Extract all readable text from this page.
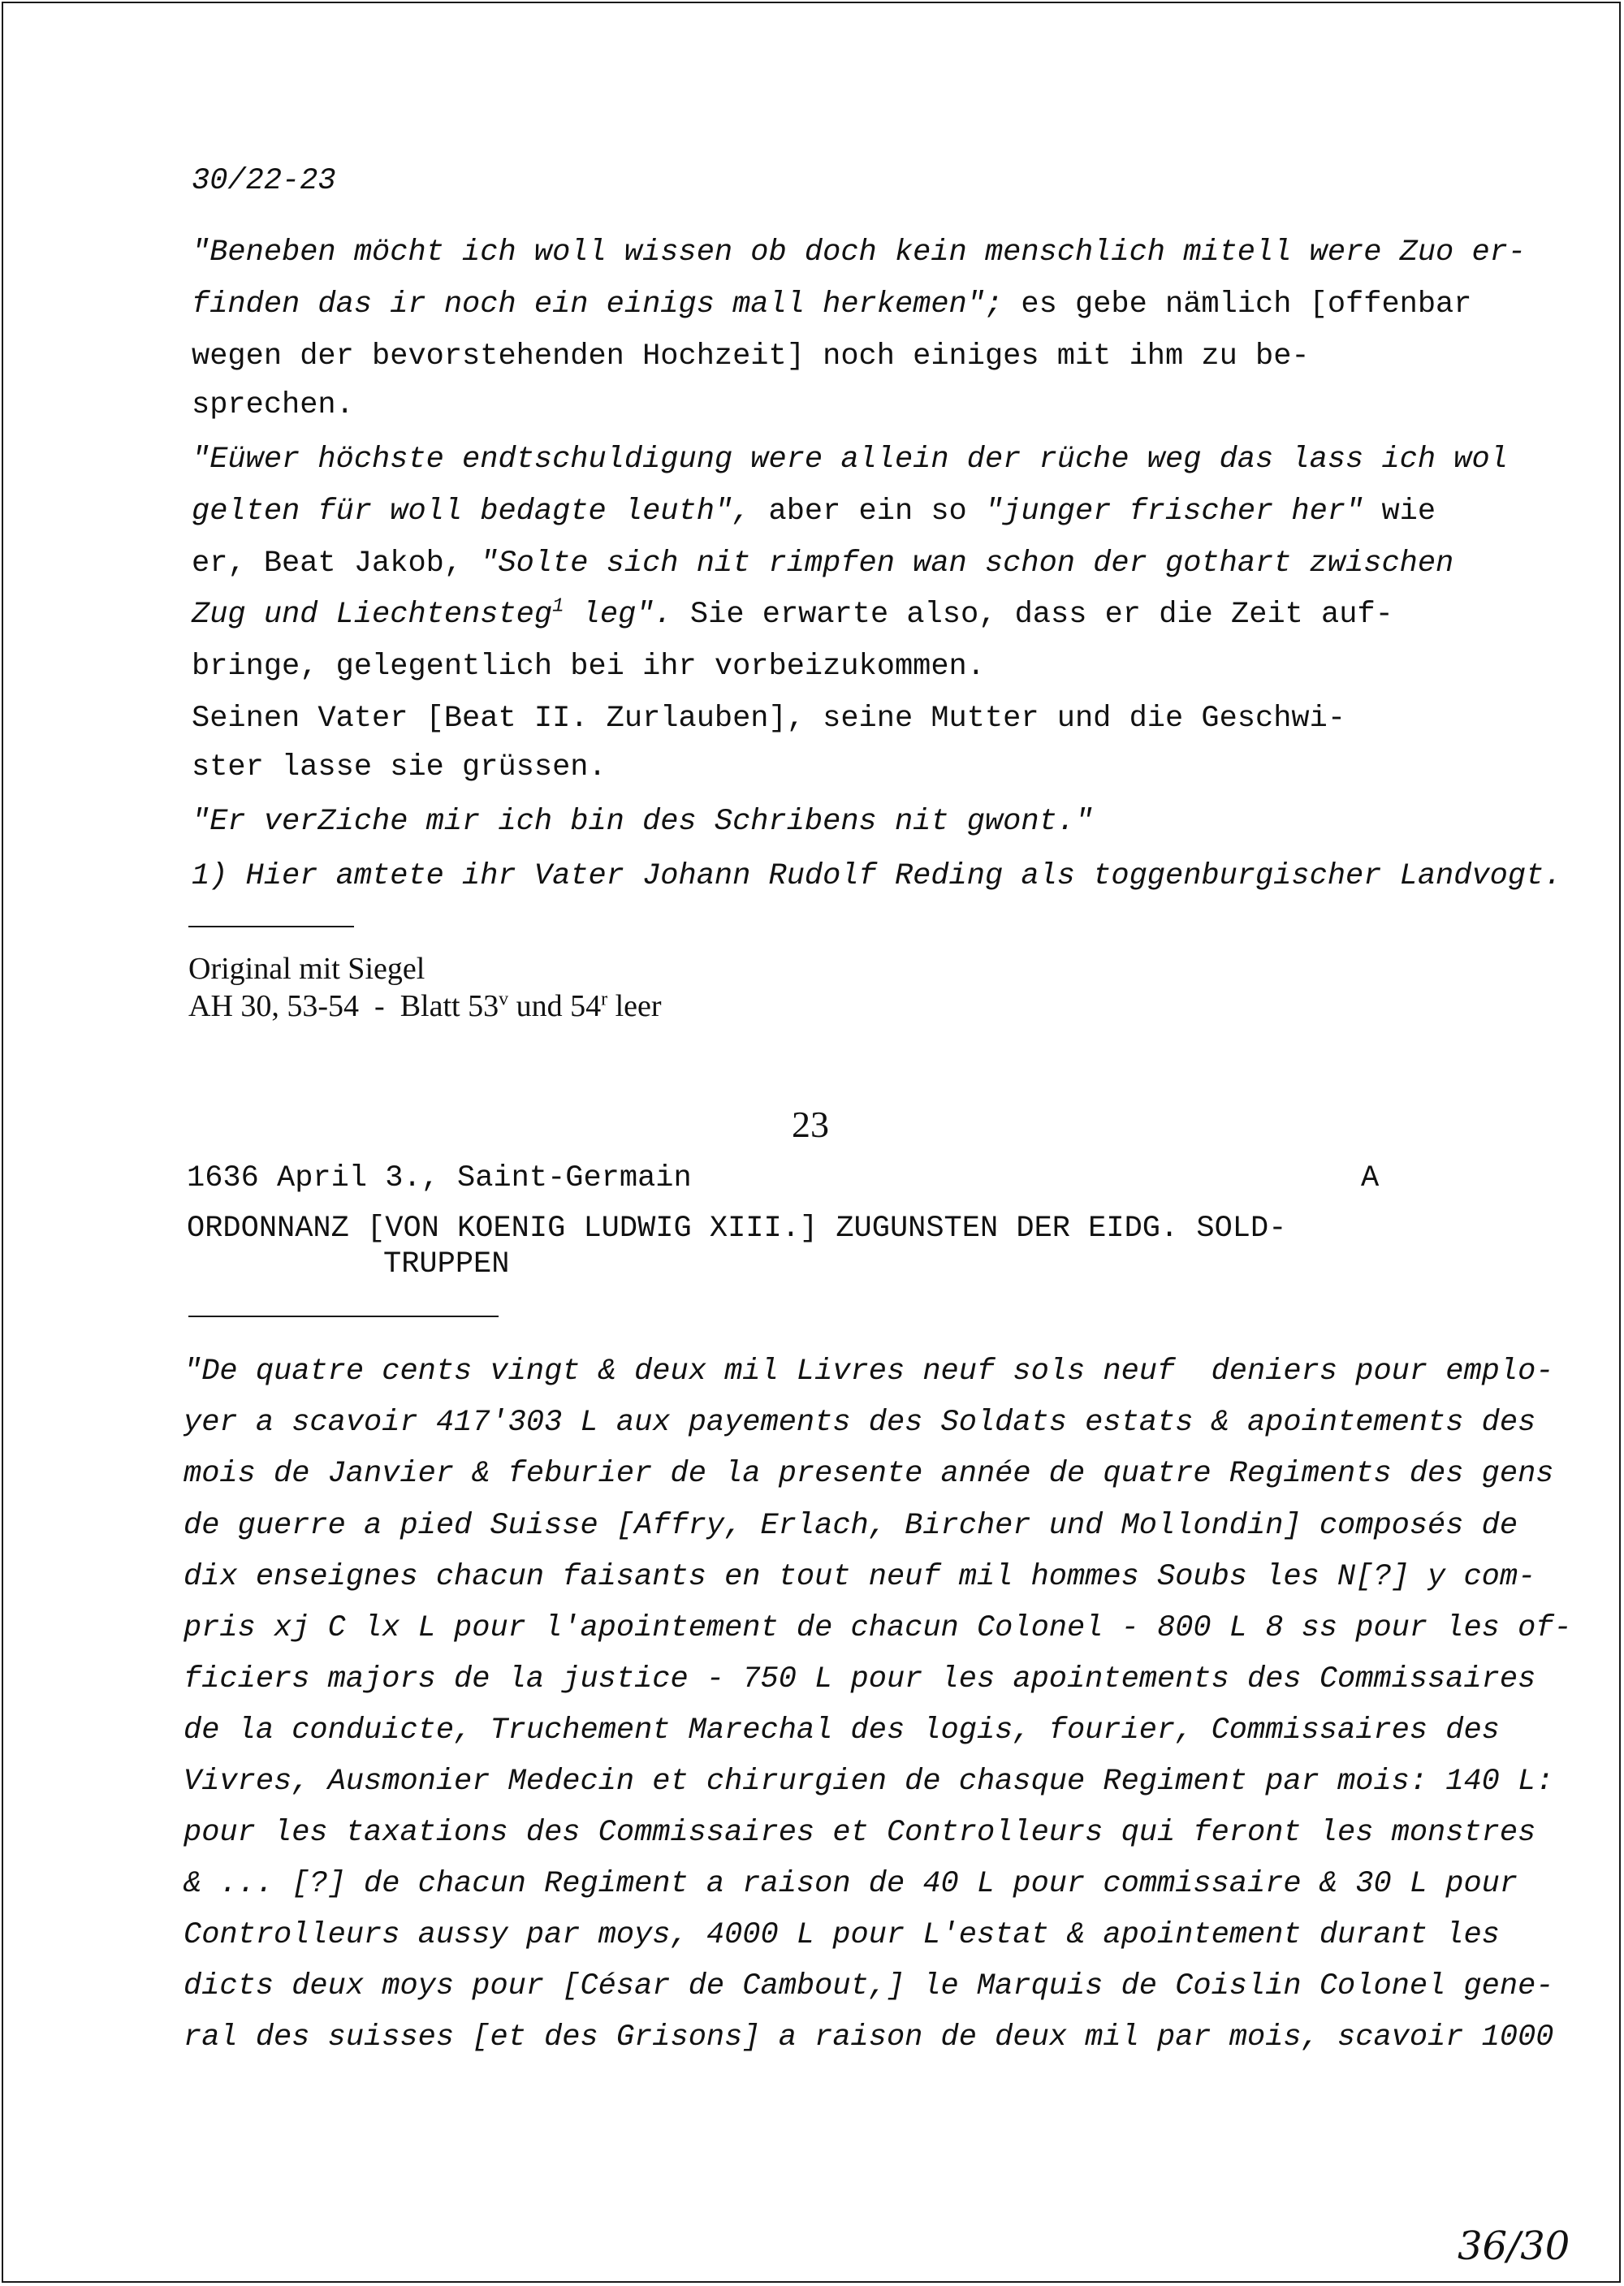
30/22-23
"Beneben möcht ich woll wissen ob doch kein menschlich mitell were Zuo er-
finden das ir noch ein einigs mall herkemen"; es gebe nämlich [offenbar
wegen der bevorstehenden Hochzeit] noch einiges mit ihm zu be-
sprechen.
"Eüwer höchste endtschuldigung were allein der rüche weg das lass ich wol
gelten für woll bedagte leuth", aber ein so "junger frischer her" wie
er, Beat Jakob, "Solte sich nit rimpfen wan schon der gothart zwischen
Zug und Liechtensteg$^1$ leg". Sie erwarte also, dass er die Zeit auf-
bringe, gelegentlich bei ihr vorbeizukommen.
Seinen Vater [Beat II. Zurlauben], seine Mutter und die Geschwi-
ster lasse sie grüssen.
"Er verZiche mir ich bin des Schribens nit gwont."
1) Hier amtete ihr Vater Johann Rudolf Reding als toggenburgischer Landvogt.
Original mit Siegel
AH 30, 53-54  -  Blatt 53$^v$ und 54$^r$ leer
23
1636 April 3., Saint-Germain	A
ORDONNANZ [VON KOENIG LUDWIG XIII.] ZUGUNSTEN DER EIDG. SOLD-
TRUPPEN
"De quatre cents vingt & deux mil Livres neuf sols neuf  deniers pour emplo-
yer a scavoir 417'303 L aux payements des Soldats estats & apointements des
mois de Janvier & feburier de la presente année de quatre Regiments des gens
de guerre a pied Suisse [Affry, Erlach, Bircher und Mollondin] composés de
dix enseignes chacun faisants en tout neuf mil hommes Soubs les N[?] y com-
pris xj C lx L pour l'apointement de chacun Colonel - 800 L 8 ss pour les of-
ficiers majors de la justice - 750 L pour les apointements des Commissaires
de la conduicte, Truchement Marechal des logis, fourier, Commissaires des
Vivres, Ausmonier Medecin et chirurgien de chasque Regiment par mois: 140 L:
pour les taxations des Commissaires et Controlleurs qui feront les monstres
& ... [?] de chacun Regiment a raison de 40 L pour commissaire & 30 L pour
Controlleurs aussy par moys, 4000 L pour L'estat & apointement durant les
dicts deux moys pour [César de Cambout,] le Marquis de Coislin Colonel gene-
ral des suisses [et des Grisons] a raison de deux mil par mois, scavoir 1000
36/30
